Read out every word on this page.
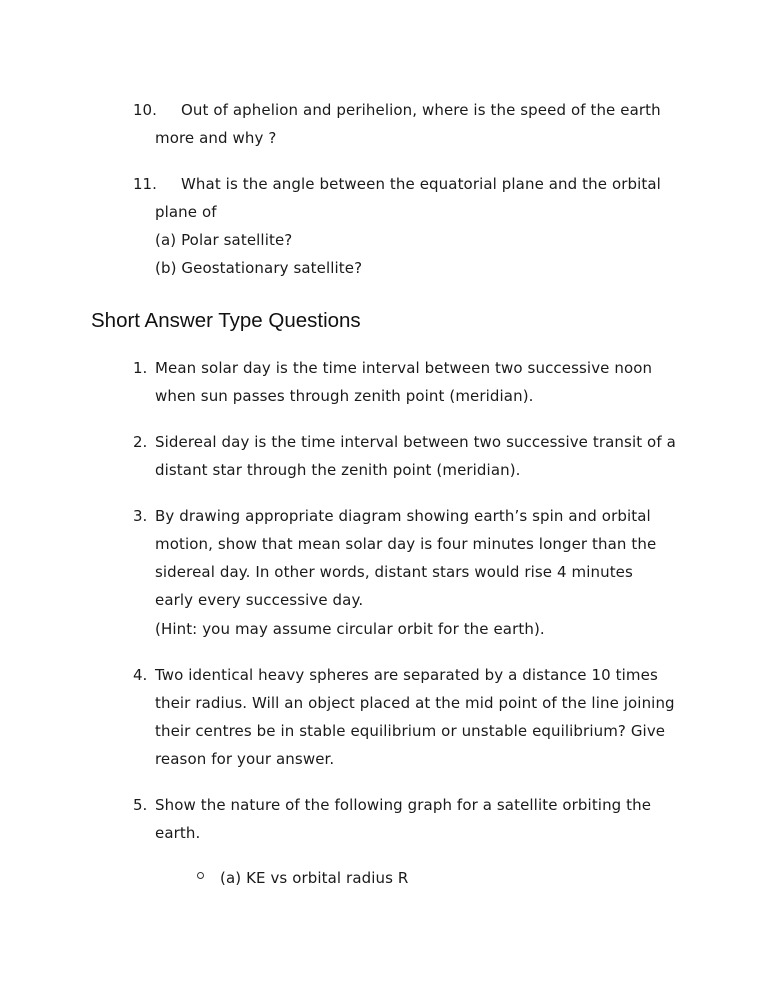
10. Out of aphelion and perihelion, where is the speed of the earth
more and why ?
11. What is the angle between the equatorial plane and the orbital
plane of
(a) Polar satellite?
(b) Geostationary satellite?
Short Answer Type Questions
1. Mean solar day is the time interval between two successive noon
when sun passes through zenith point (meridian).
2. Sidereal day is the time interval between two successive transit of a
distant star through the zenith point (meridian).
3. By drawing appropriate diagram showing earth’s spin and orbital
motion, show that mean solar day is four minutes longer than the
sidereal day. In other words, distant stars would rise 4 minutes
early every successive day.
(Hint: you may assume circular orbit for the earth).
4. Two identical heavy spheres are separated by a distance 10 times
their radius. Will an object placed at the mid point of the line joining
their centres be in stable equilibrium or unstable equilibrium? Give
reason for your answer.
5. Show the nature of the following graph for a satellite orbiting the
earth.
(a) KE vs orbital radius R
